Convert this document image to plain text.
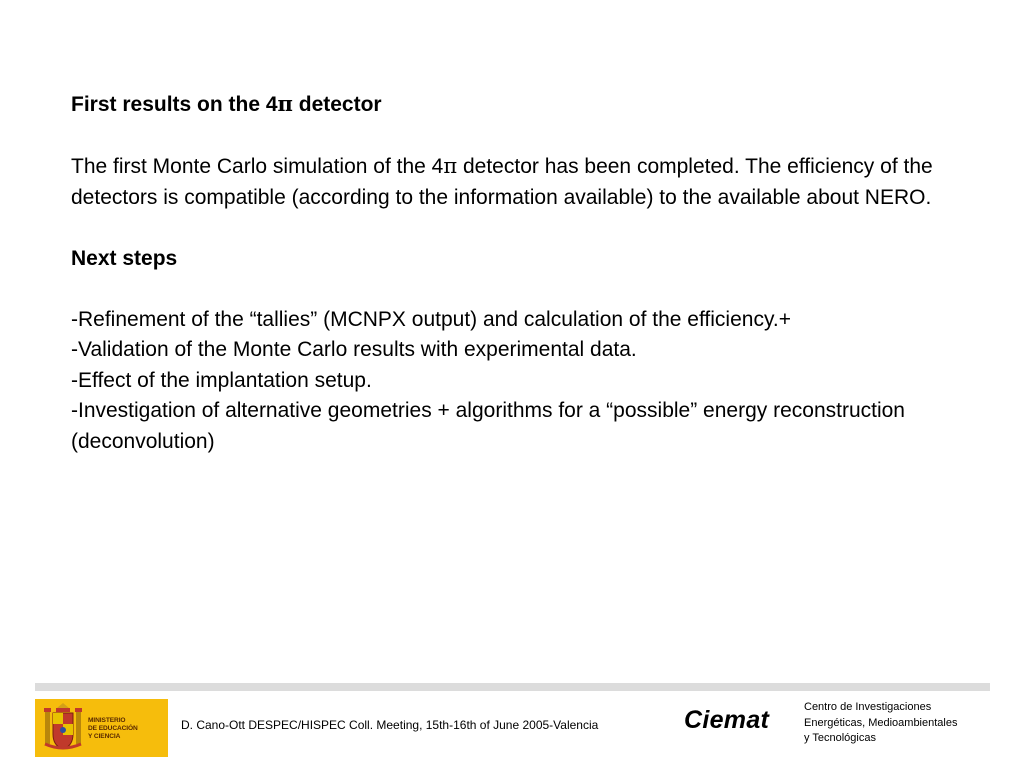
First results on the 4π detector

The first Monte Carlo simulation of the 4π detector has been completed. The efficiency of the detectors is compatible (according to the information available) to the available about NERO.

Next steps

-Refinement of the “tallies” (MCNPX output) and calculation of the efficiency.+

-Validation of the Monte Carlo results with experimental data.

-Effect of the implantation setup.

-Investigation of alternative geometries + algorithms for a “possible” energy reconstruction (deconvolution)

MINISTERIO
DE EDUCACIÓN
Y CIENCIA
D. Cano-Ott DESPEC/HISPEC Coll. Meeting, 15th-16th of June 2005-Valencia	Ciemat	Centro de Investigaciones
Energéticas, Medioambientales
y Tecnológicas
